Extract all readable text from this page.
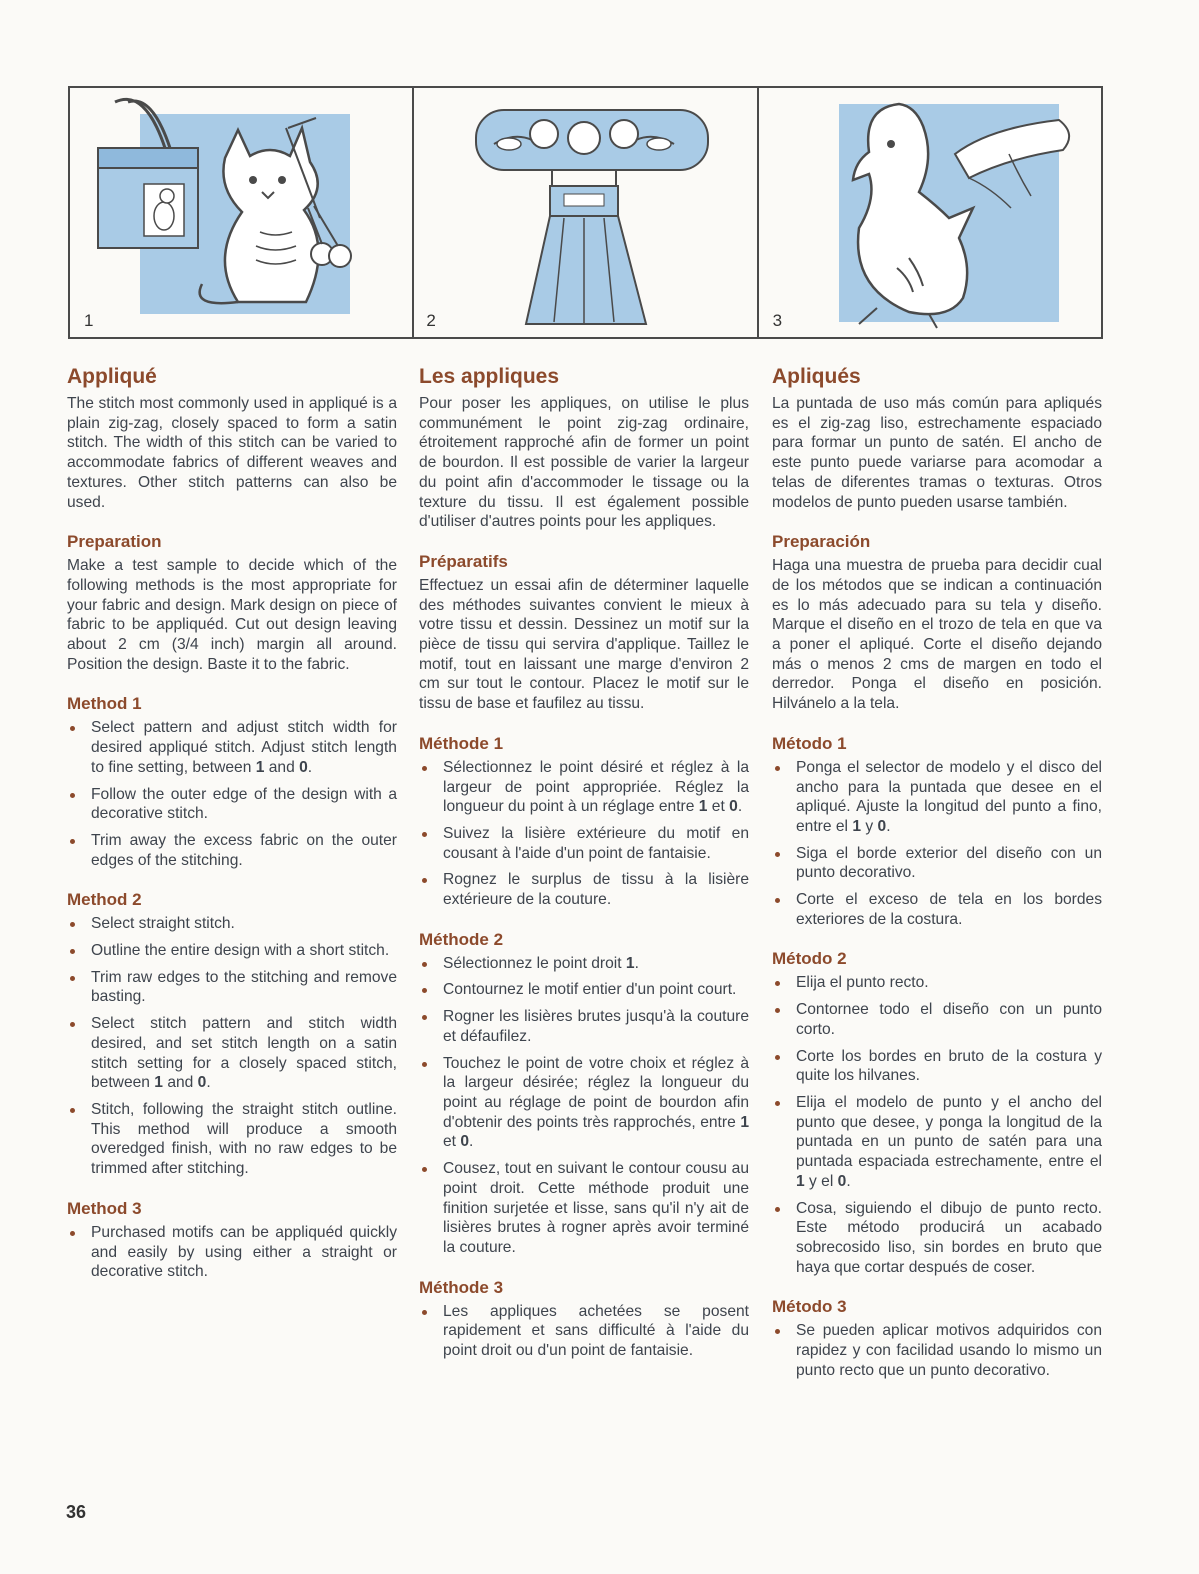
1	2	3
Appliqué

The stitch most commonly used in appliqué is a plain zig-zag, closely spaced to form a satin stitch. The width of this stitch can be varied to accommodate fabrics of different weaves and textures. Other stitch patterns can also be used.

Preparation

Make a test sample to decide which of the following methods is the most appropriate for your fabric and design. Mark design on piece of fabric to be appliquéd. Cut out design leaving about 2 cm (3/4 inch) margin all around. Position the design. Baste it to the fabric.

Method 1
Select pattern and adjust stitch width for desired appliqué stitch. Adjust stitch length to fine setting, between 1 and 0.
Follow the outer edge of the design with a decorative stitch.
Trim away the excess fabric on the outer edges of the stitching.
Method 2
Select straight stitch.
Outline the entire design with a short stitch.
Trim raw edges to the stitching and remove basting.
Select stitch pattern and stitch width desired, and set stitch length on a satin stitch setting for a closely spaced stitch, between 1 and 0.
Stitch, following the straight stitch outline. This method will produce a smooth overedged finish, with no raw edges to be trimmed after stitching.
Method 3
Purchased motifs can be appliquéd quickly and easily by using either a straight or decorative stitch.
Les appliques

Pour poser les appliques, on utilise le plus communément le point zig-zag ordinaire, étroitement rapproché afin de former un point de bourdon. Il est possible de varier la largeur du point afin d'accommoder le tissage ou la texture du tissu. Il est également possible d'utiliser d'autres points pour les appliques.

Préparatifs

Effectuez un essai afin de déterminer laquelle des méthodes suivantes convient le mieux à votre tissu et dessin. Dessinez un motif sur la pièce de tissu qui servira d'applique. Taillez le motif, tout en laissant une marge d'environ 2 cm sur tout le contour. Placez le motif sur le tissu de base et faufilez au tissu.

Méthode 1
Sélectionnez le point désiré et réglez à la largeur de point appropriée. Réglez la longueur du point à un réglage entre 1 et 0.
Suivez la lisière extérieure du motif en cousant à l'aide d'un point de fantaisie.
Rognez le surplus de tissu à la lisière extérieure de la couture.
Méthode 2
Sélectionnez le point droit 1.
Contournez le motif entier d'un point court.
Rogner les lisières brutes jusqu'à la couture et défaufilez.
Touchez le point de votre choix et réglez à la largeur désirée; réglez la longueur du point au réglage de point de bourdon afin d'obtenir des points très rapprochés, entre 1 et 0.
Cousez, tout en suivant le contour cousu au point droit. Cette méthode produit une finition surjetée et lisse, sans qu'il n'y ait de lisières brutes à rogner après avoir terminé la couture.
Méthode 3
Les appliques achetées se posent rapidement et sans difficulté à l'aide du point droit ou d'un point de fantaisie.
Apliqués

La puntada de uso más común para apliqués es el zig-zag liso, estrechamente espaciado para formar un punto de satén. El ancho de este punto puede variarse para acomodar a telas de diferentes tramas o texturas. Otros modelos de punto pueden usarse también.

Preparación

Haga una muestra de prueba para decidir cual de los métodos que se indican a continuación es lo más adecuado para su tela y diseño. Marque el diseño en el trozo de tela en que va a poner el apliqué. Corte el diseño dejando más o menos 2 cms de margen en todo el derredor. Ponga el diseño en posición. Hilvánelo a la tela.

Método 1
Ponga el selector de modelo y el disco del ancho para la puntada que desee en el apliqué. Ajuste la longitud del punto a fino, entre el 1 y 0.
Siga el borde exterior del diseño con un punto decorativo.
Corte el exceso de tela en los bordes exteriores de la costura.
Método 2
Elija el punto recto.
Contornee todo el diseño con un punto corto.
Corte los bordes en bruto de la costura y quite los hilvanes.
Elija el modelo de punto y el ancho del punto que desee, y ponga la longitud de la puntada en un punto de satén para una puntada espaciada estrechamente, entre el 1 y el 0.
Cosa, siguiendo el dibujo de punto recto. Este método producirá un acabado sobrecosido liso, sin bordes en bruto que haya que cortar después de coser.
Método 3
Se pueden aplicar motivos adquiridos con rapidez y con facilidad usando lo mismo un punto recto que un punto decorativo.
36
